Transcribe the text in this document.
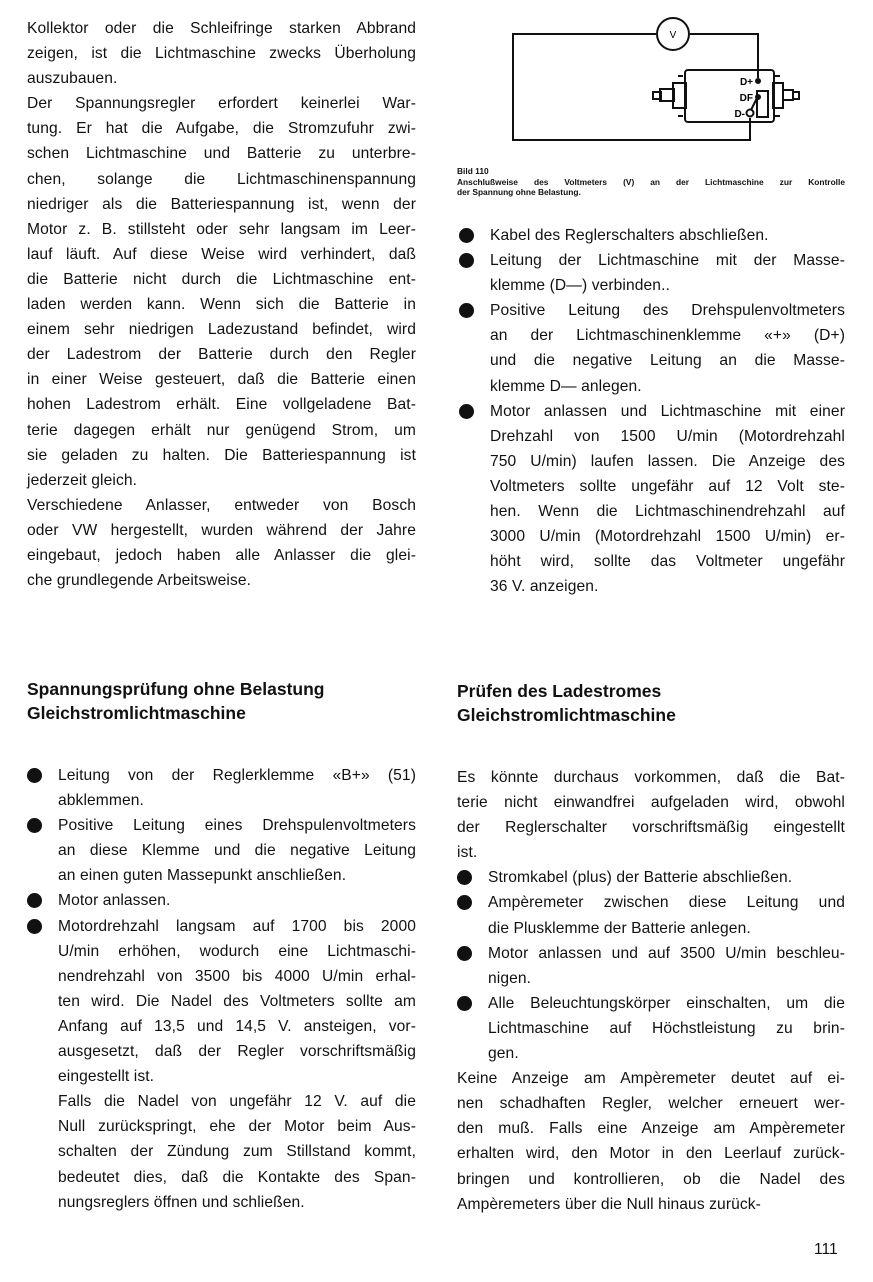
Kollektor oder die Schleifringe starken Abbrand
zeigen, ist die Lichtmaschine zwecks Überholung
auszubauen.

Der Spannungsregler erfordert keinerlei War-
tung. Er hat die Aufgabe, die Stromzufuhr zwi-
schen Lichtmaschine und Batterie zu unterbre-
chen, solange die Lichtmaschinenspannung
niedriger als die Batteriespannung ist, wenn der
Motor z. B. stillsteht oder sehr langsam im Leer-
lauf läuft. Auf diese Weise wird verhindert, daß
die Batterie nicht durch die Lichtmaschine ent-
laden werden kann. Wenn sich die Batterie in
einem sehr niedrigen Ladezustand befindet, wird
der Ladestrom der Batterie durch den Regler
in einer Weise gesteuert, daß die Batterie einen
hohen Ladestrom erhält. Eine vollgeladene Bat-
terie dagegen erhält nur genügend Strom, um
sie geladen zu halten. Die Batteriespannung ist
jederzeit gleich.

Verschiedene Anlasser, entweder von Bosch
oder VW hergestellt, wurden während der Jahre
eingebaut, jedoch haben alle Anlasser die glei-
che grundlegende Arbeitsweise.

V
D+
DF
D-

Bild 110

Anschlußweise des Voltmeters (V) an der Lichtmaschine zur Kontrolle

der Spannung ohne Belastung.

Kabel des Reglerschalters abschließen.
Leitung der Lichtmaschine mit der Masse-
klemme (D—) verbinden..
Positive Leitung des Drehspulenvoltmeters
an der Lichtmaschinenklemme «+» (D+)
und die negative Leitung an die Masse-
klemme D— anlegen.
Motor anlassen und Lichtmaschine mit einer
Drehzahl von 1500 U/min (Motordrehzahl
750 U/min) laufen lassen. Die Anzeige des
Voltmeters sollte ungefähr auf 12 Volt ste-
hen. Wenn die Lichtmaschinendrehzahl auf
3000 U/min (Motordrehzahl 1500 U/min) er-
höht wird, sollte das Voltmeter ungefähr
36 V. anzeigen.
Spannungsprüfung ohne Belastung
Gleichstromlichtmaschine
Leitung von der Reglerklemme «B+» (51)
abklemmen.
Positive Leitung eines Drehspulenvoltmeters
an diese Klemme und die negative Leitung
an einen guten Massepunkt anschließen.
Motor anlassen.
Motordrehzahl langsam auf 1700 bis 2000
U/min erhöhen, wodurch eine Lichtmaschi-
nendrehzahl von 3500 bis 4000 U/min erhal-
ten wird. Die Nadel des Voltmeters sollte am
Anfang auf 13,5 und 14,5 V. ansteigen, vor-
ausgesetzt, daß der Regler vorschriftsmäßig
eingestellt ist.

Falls die Nadel von ungefähr 12 V. auf die
Null zurückspringt, ehe der Motor beim Aus-
schalten der Zündung zum Stillstand kommt,
bedeutet dies, daß die Kontakte des Span-
nungsreglers öffnen und schließen.

Prüfen des Ladestromes
Gleichstromlichtmaschine

Es könnte durchaus vorkommen, daß die Bat-
terie nicht einwandfrei aufgeladen wird, obwohl
der Reglerschalter vorschriftsmäßig eingestellt
ist.

Stromkabel (plus) der Batterie abschließen.
Ampèremeter zwischen diese Leitung und
die Plusklemme der Batterie anlegen.
Motor anlassen und auf 3500 U/min beschleu-
nigen.
Alle Beleuchtungskörper einschalten, um die
Lichtmaschine auf Höchstleistung zu brin-
gen.

Keine Anzeige am Ampèremeter deutet auf ei-
nen schadhaften Regler, welcher erneuert wer-
den muß. Falls eine Anzeige am Ampèremeter
erhalten wird, den Motor in den Leerlauf zurück-
bringen und kontrollieren, ob die Nadel des
Ampèremeters über die Null hinaus zurück-

111
